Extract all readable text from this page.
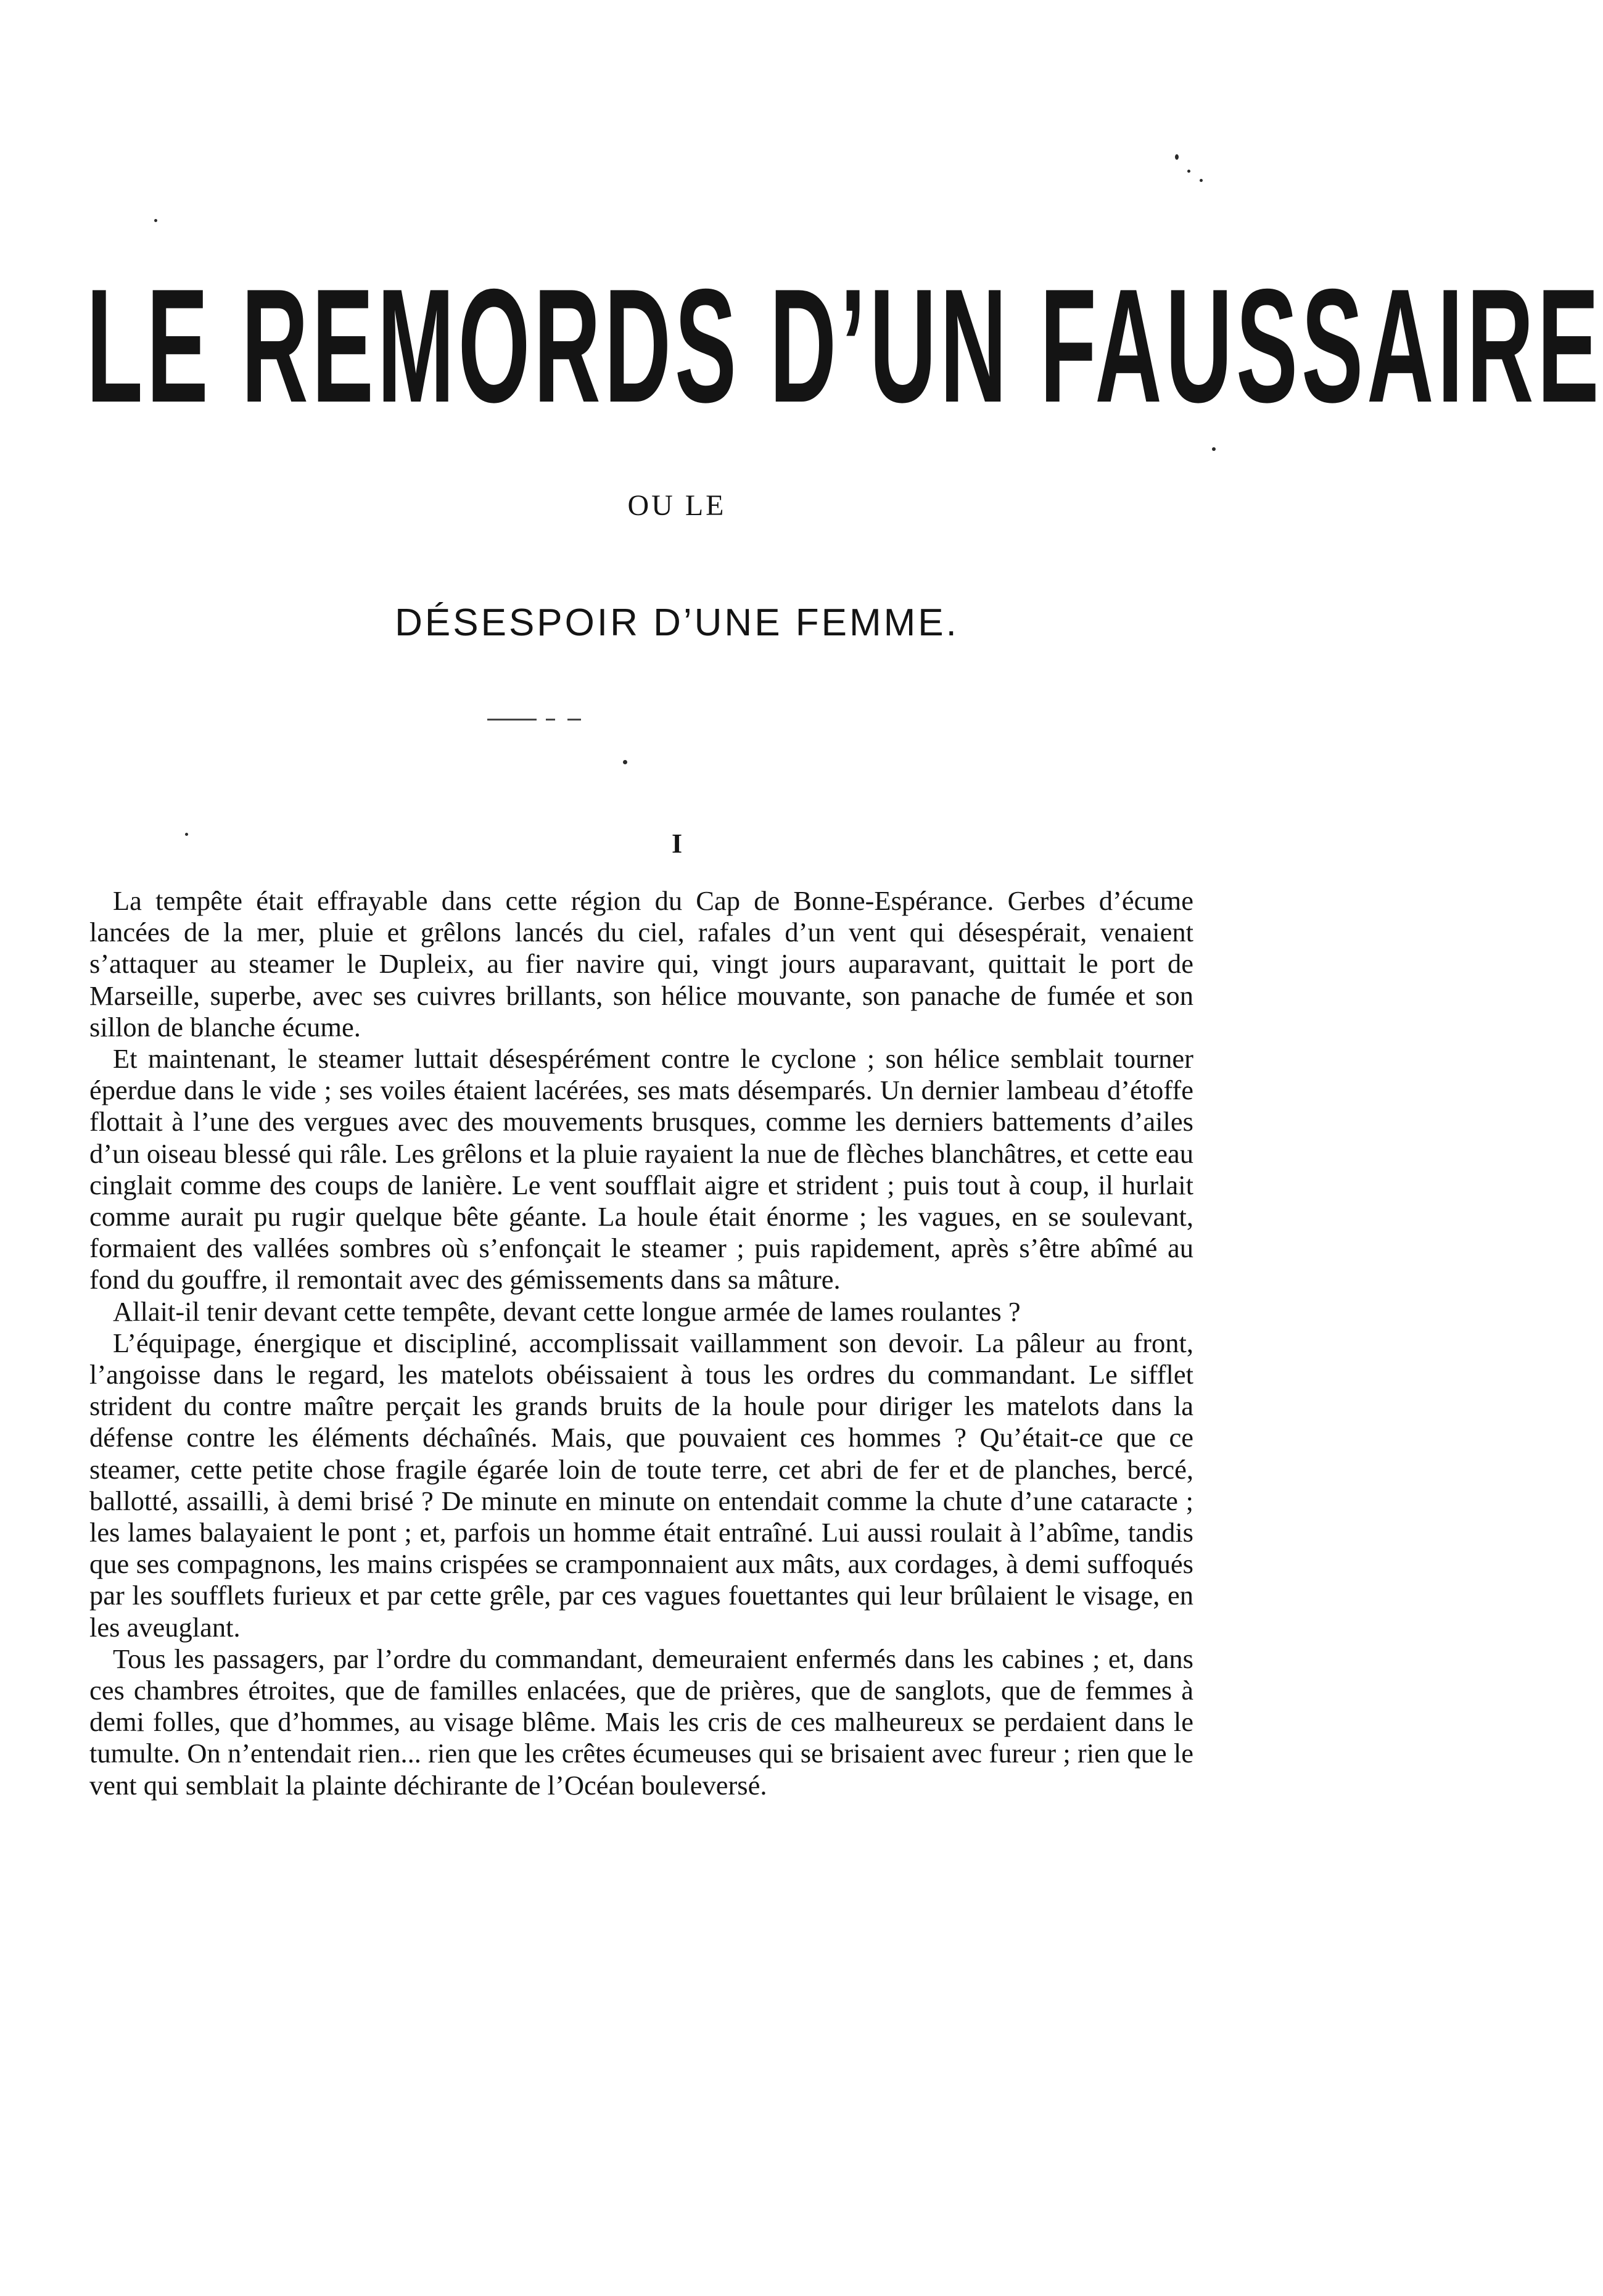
LE REMORDS D’UN FAUSSAIRE
OU LE
DÉSESPOIR D’UNE FEMME.
I

La tempête était effrayable dans cette région du Cap de Bonne-Espérance. Gerbes d’écume lancées de la mer, pluie et grêlons lancés du ciel, rafales d’un vent qui désespérait, venaient s’attaquer au steamer le Dupleix, au fier navire qui, vingt jours auparavant, quittait le port de Marseille, superbe, avec ses cuivres brillants, son hélice mouvante, son panache de fumée et son sillon de blanche écume.

Et maintenant, le steamer luttait désespérément contre le cyclone ; son hélice semblait tourner éperdue dans le vide ; ses voiles étaient lacérées, ses mats désemparés. Un dernier lambeau d’étoffe flottait à l’une des vergues avec des mouvements brusques, comme les derniers battements d’ailes d’un oiseau blessé qui râle. Les grêlons et la pluie rayaient la nue de flèches blanchâtres, et cette eau cinglait comme des coups de lanière. Le vent soufflait aigre et strident ; puis tout à coup, il hurlait comme aurait pu rugir quelque bête géante. La houle était énorme ; les vagues, en se soulevant, formaient des vallées sombres où s’enfonçait le steamer ; puis rapidement, après s’être abîmé au fond du gouffre, il remontait avec des gémissements dans sa mâture.

Allait-il tenir devant cette tempête, devant cette longue armée de lames roulantes ?

L’équipage, énergique et discipliné, accomplissait vaillamment son devoir. La pâleur au front, l’angoisse dans le regard, les matelots obéissaient à tous les ordres du commandant. Le sifflet strident du contre maître perçait les grands bruits de la houle pour diriger les matelots dans la défense contre les éléments déchaînés. Mais, que pouvaient ces hommes ? Qu’était-ce que ce steamer, cette petite chose fragile égarée loin de toute terre, cet abri de fer et de planches, bercé, ballotté, assailli, à demi brisé ? De minute en minute on entendait comme la chute d’une cataracte ; les lames balayaient le pont ; et, parfois un homme était entraîné. Lui aussi roulait à l’abîme, tandis que ses compagnons, les mains crispées se cramponnaient aux mâts, aux cordages, à demi suffoqués par les soufflets furieux et par cette grêle, par ces vagues fouettantes qui leur brûlaient le visage, en les aveuglant.

Tous les passagers, par l’ordre du commandant, demeuraient enfermés dans les cabines ; et, dans ces chambres étroites, que de familles enlacées, que de prières, que de sanglots, que de femmes à demi folles, que d’hommes, au visage blême. Mais les cris de ces malheureux se perdaient dans le tumulte. On n’entendait rien... rien que les crêtes écumeuses qui se brisaient avec fureur ; rien que le vent qui semblait la plainte déchirante de l’Océan bouleversé.
